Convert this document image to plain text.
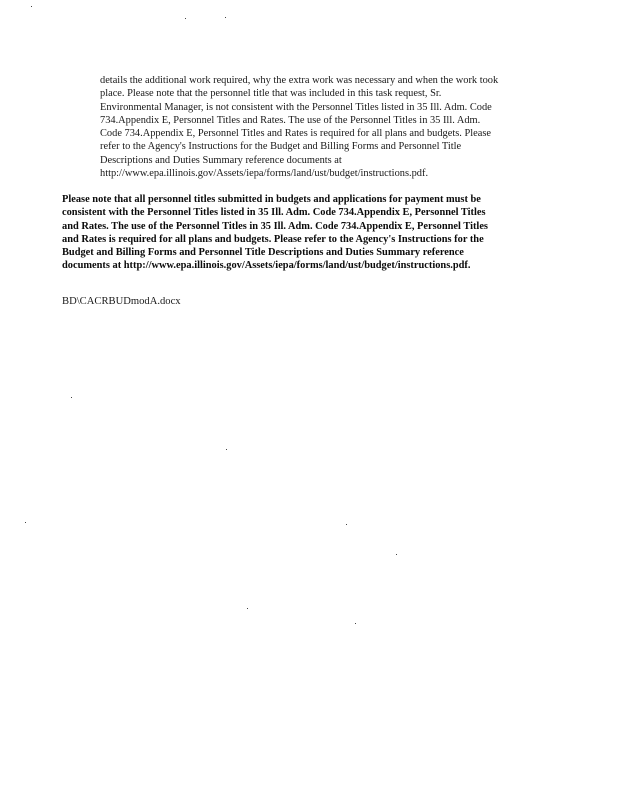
details the additional work required, why the extra work was necessary and when the work took
place. Please note that the personnel title that was included in this task request, Sr.
Environmental Manager, is not consistent with the Personnel Titles listed in 35 Ill. Adm. Code
734.Appendix E, Personnel Titles and Rates. The use of the Personnel Titles in 35 Ill. Adm.
Code 734.Appendix E, Personnel Titles and Rates is required for all plans and budgets. Please
refer to the Agency's Instructions for the Budget and Billing Forms and Personnel Title
Descriptions and Duties Summary reference documents at
http://www.epa.illinois.gov/Assets/iepa/forms/land/ust/budget/instructions.pdf.
Please note that all personnel titles submitted in budgets and applications for payment must be
consistent with the Personnel Titles listed in 35 Ill. Adm. Code 734.Appendix E, Personnel Titles
and Rates. The use of the Personnel Titles in 35 Ill. Adm. Code 734.Appendix E, Personnel Titles
and Rates is required for all plans and budgets. Please refer to the Agency's Instructions for the
Budget and Billing Forms and Personnel Title Descriptions and Duties Summary reference
documents at http://www.epa.illinois.gov/Assets/iepa/forms/land/ust/budget/instructions.pdf.
BD\CACRBUDmodA.docx
